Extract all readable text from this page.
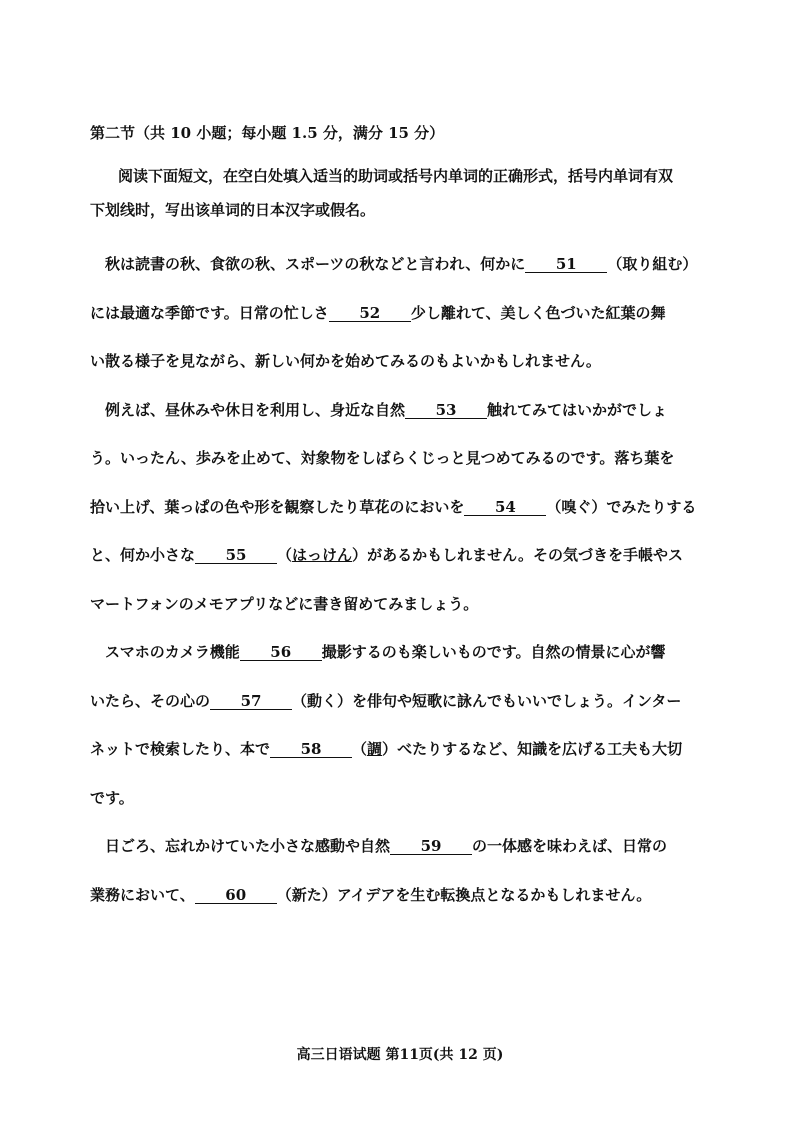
第二节（共 10 小题；每小题 1.5 分，满分 15 分）
阅读下面短文，在空白处填入适当的助词或括号内单词的正确形式，括号内单词有双
下划线时，写出该单词的日本汉字或假名。
秋は読書の秋、食欲の秋、スポーツの秋などと言われ、何かに 51 （取り組む）
には最適な季節です。日常の忙しさ 52 少し離れて、美しく色づいた紅葉の舞
い散る様子を見ながら、新しい何かを始めてみるのもよいかもしれません。
例えば、昼休みや休日を利用し、身近な自然 53 触れてみてはいかがでしょ
う。いったん、歩みを止めて、対象物をしばらくじっと見つめてみるのです。落ち葉を
拾い上げ、葉っぱの色や形を観察したり草花のにおいを 54 （嗅ぐ）でみたりする
と、何か小さな 55 （はっけん）があるかもしれません。その気づきを手帳やス
マートフォンのメモアプリなどに書き留めてみましょう。
スマホのカメラ機能 56 撮影するのも楽しいものです。自然の情景に心が響
いたら、その心の 57 （動く）を俳句や短歌に詠んでもいいでしょう。インター
ネットで検索したり、本で 58 （調）べたりするなど、知識を広げる工夫も大切
です。
日ごろ、忘れかけていた小さな感動や自然 59 の一体感を味わえば、日常の
業務において、 60 （新た）アイデアを生む転換点となるかもしれません。
高三日语试题 第11页(共 12 页)
